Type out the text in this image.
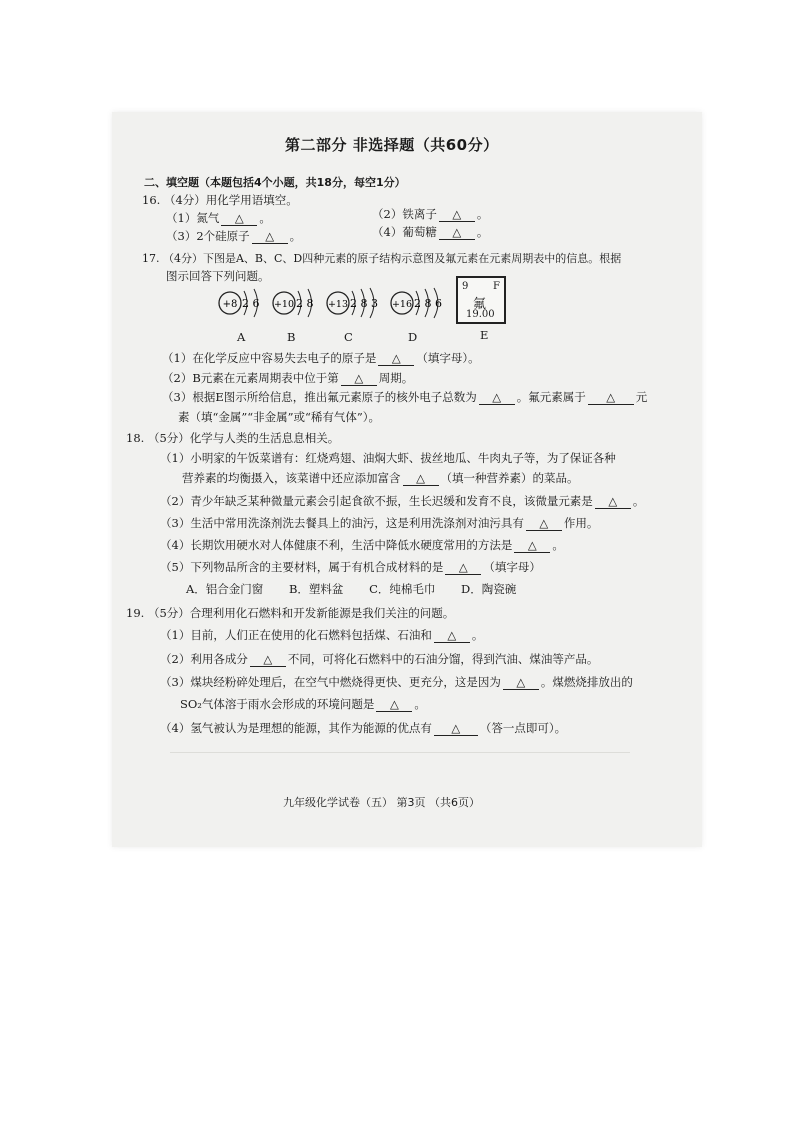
第二部分 非选择题（共60分）
二、填空题（本题包括4个小题，共18分，每空1分）
16. （4分）用化学用语填空。
（1）氮气 △ 。	（2）铁离子 △ 。
（3）2个硅原子 △ 。	（4）葡萄糖 △ 。
17. （4分）下图是A、B、C、D四种元素的原子结构示意图及氟元素在元素周期表中的信息。根据
图示回答下列问题。
+8 2 6
A
+10 2 8
B
+13 2 8 3
C
+16 2 8 6
D
9 F
氟
19.00
E
（1）在化学反应中容易失去电子的原子是 △ （填字母）。
（2）B元素在元素周期表中位于第 △ 周期。
（3）根据E图示所给信息，推出氟元素原子的核外电子总数为 △ 。氟元素属于 △ 元
素（填“金属”“非金属”或“稀有气体”）。
18. （5分）化学与人类的生活息息相关。
（1）小明家的午饭菜谱有：红烧鸡翅、油焖大虾、拔丝地瓜、牛肉丸子等，为了保证各种
营养素的均衡摄入，该菜谱中还应添加富含 △ （填一种营养素）的菜品。
（2）青少年缺乏某种微量元素会引起食欲不振，生长迟缓和发育不良，该微量元素是 △ 。
（3）生活中常用洗涤剂洗去餐具上的油污，这是利用洗涤剂对油污具有 △ 作用。
（4）长期饮用硬水对人体健康不利，生活中降低水硬度常用的方法是 △ 。
（5）下列物品所含的主要材料，属于有机合成材料的是 △ （填字母）
A．铝合金门窗 B．塑料盆 C．纯棉毛巾 D．陶瓷碗
19. （5分）合理利用化石燃料和开发新能源是我们关注的问题。
（1）目前，人们正在使用的化石燃料包括煤、石油和 △ 。
（2）利用各成分 △ 不同，可将化石燃料中的石油分馏，得到汽油、煤油等产品。
（3）煤块经粉碎处理后，在空气中燃烧得更快、更充分，这是因为 △ 。煤燃烧排放出的
SO₂气体溶于雨水会形成的环境问题是 △ 。
（4）氢气被认为是理想的能源，其作为能源的优点有 △ （答一点即可）。
九年级化学试卷（五） 第3页 （共6页）
